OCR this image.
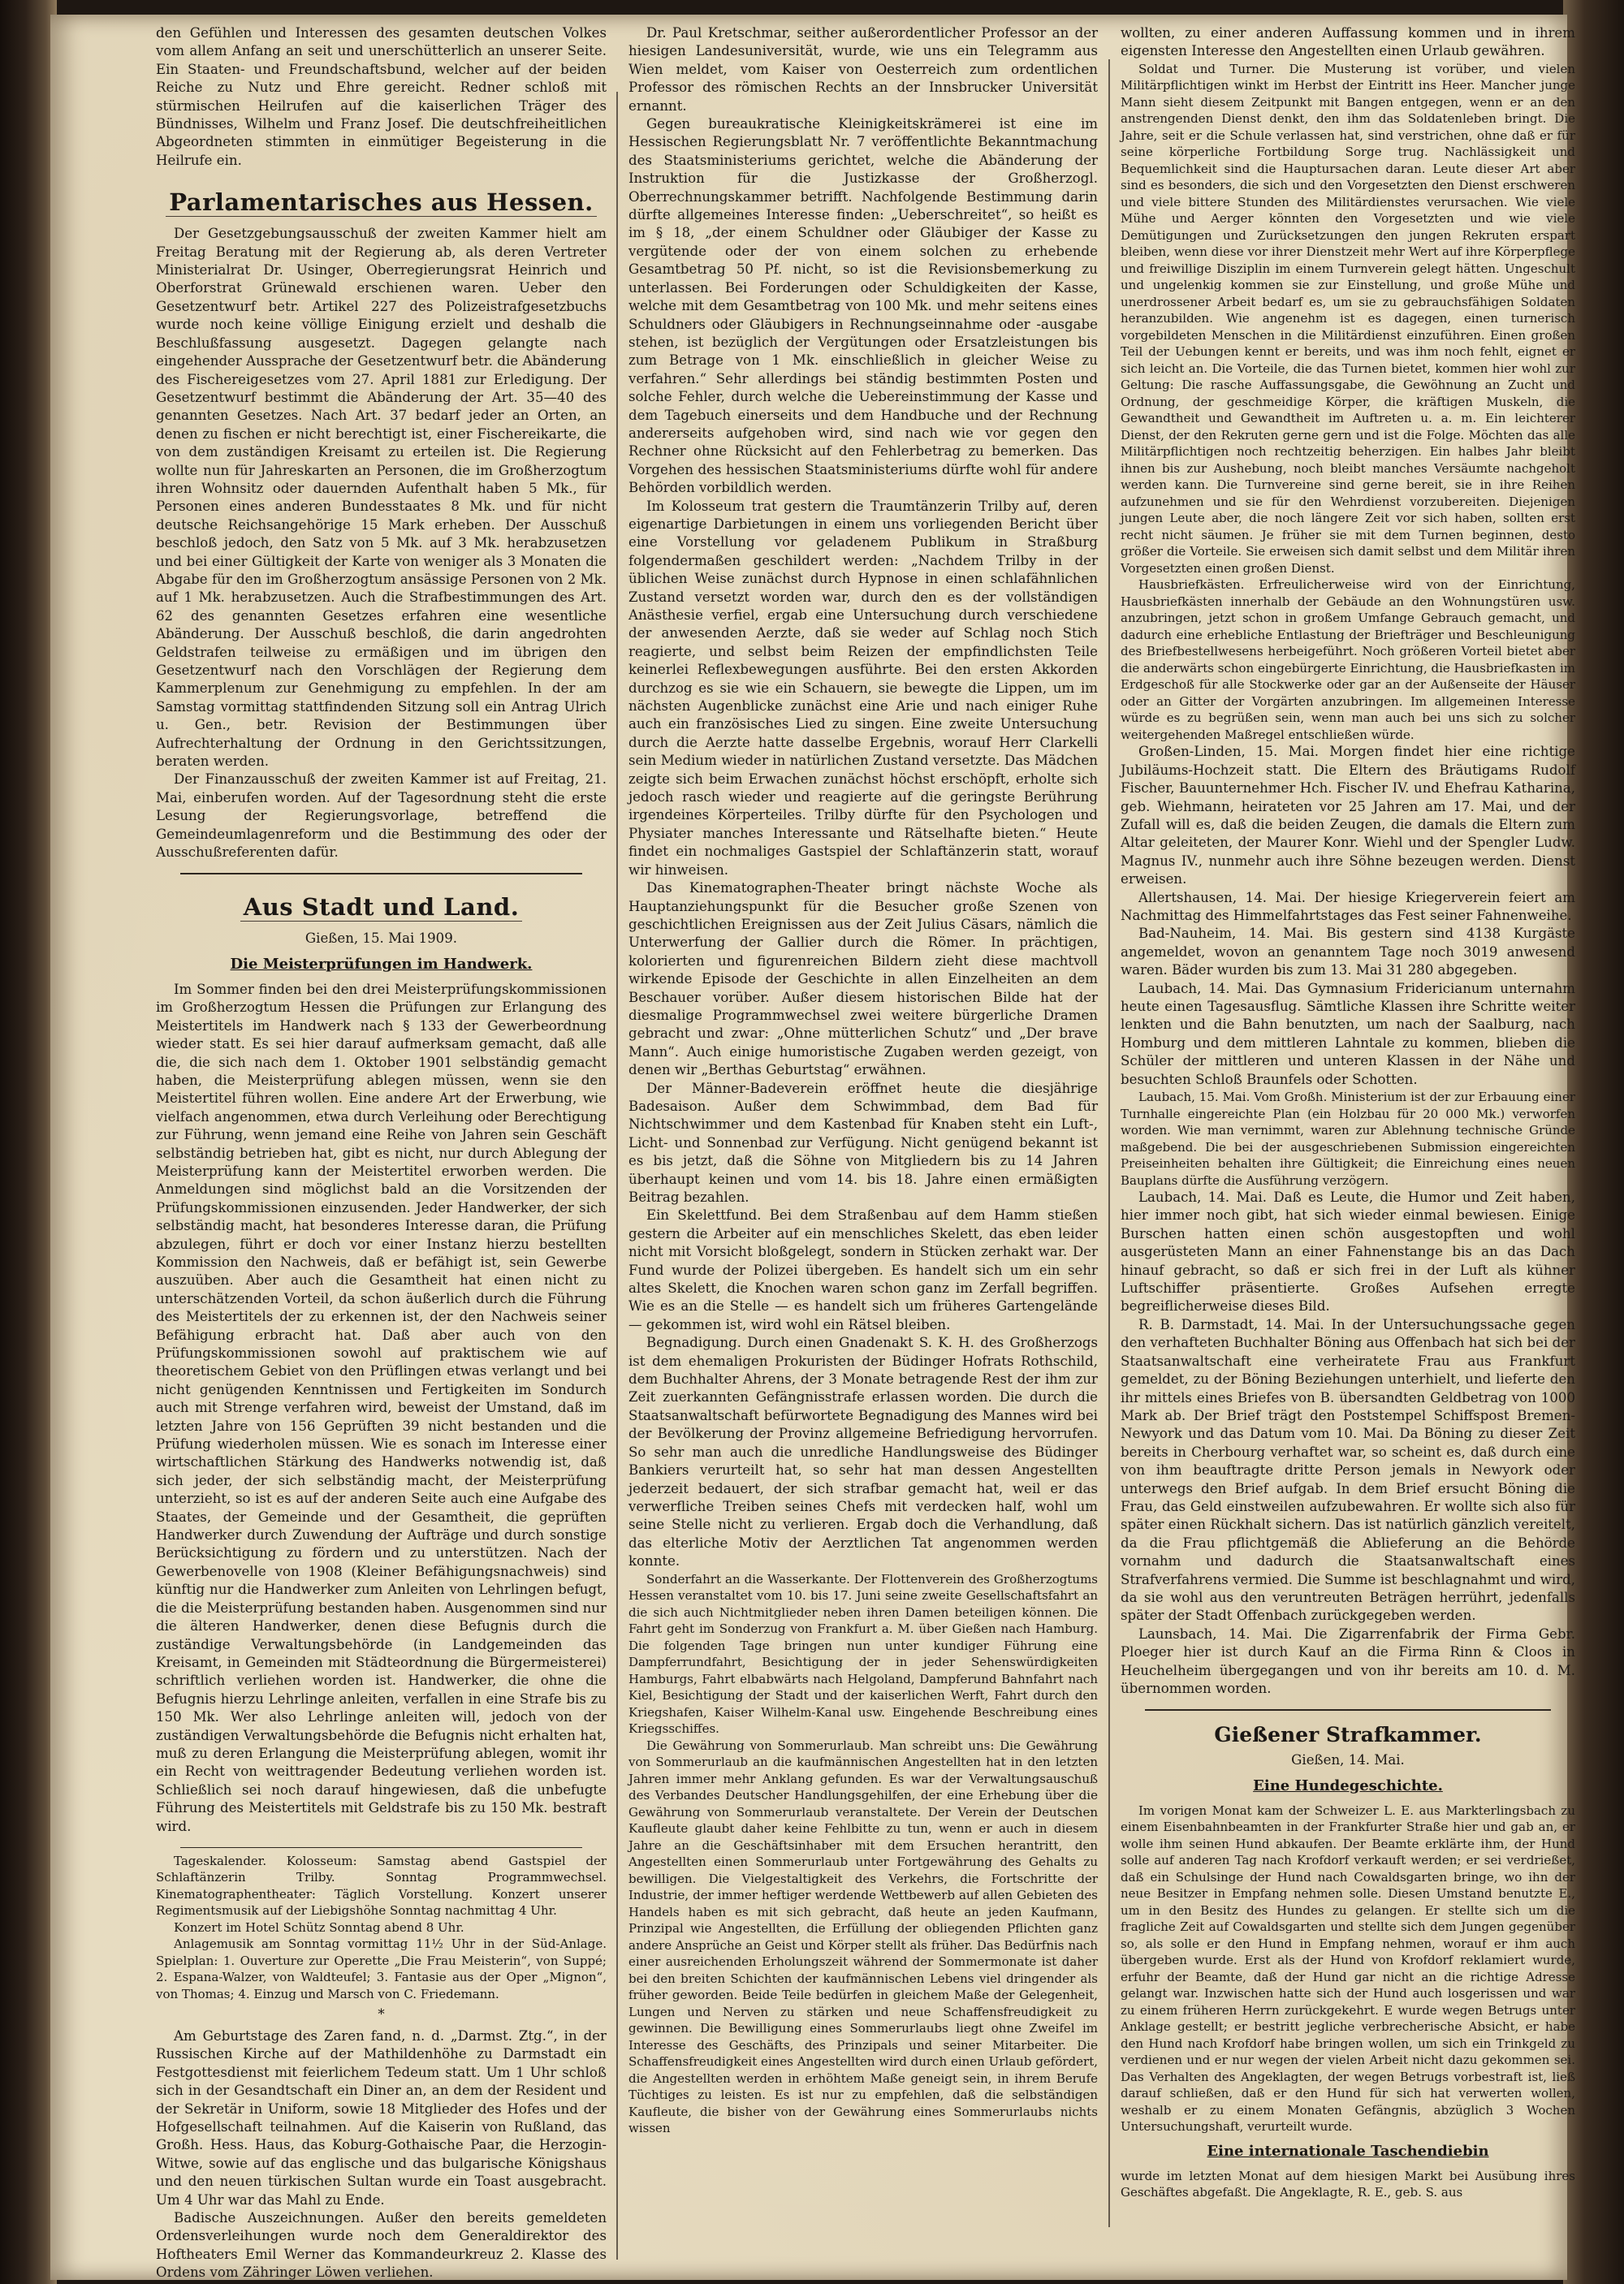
den Gefühlen und Interessen des gesamten deutschen Volkes vom allem Anfang an seit und unerschütterlich an unserer Seite. Ein Staaten- und Freundschaftsbund, welcher auf der beiden Reiche zu Nutz und Ehre gereicht. Redner schloß mit stürmischen Heilrufen auf die kaiserlichen Träger des Bündnisses, Wilhelm und Franz Josef. Die deutschfreiheitlichen Abgeordneten stimmten in einmütiger Begeisterung in die Heilrufe ein.

Parlamentarisches aus Hessen.

Der Gesetzgebungsausschuß der zweiten Kammer hielt am Freitag Beratung mit der Regierung ab, als deren Vertreter Ministerialrat Dr. Usinger, Oberregierungsrat Heinrich und Oberforstrat Grünewald erschienen waren. Ueber den Gesetzentwurf betr. Artikel 227 des Polizeistrafgesetzbuchs wurde noch keine völlige Einigung erzielt und deshalb die Beschlußfassung ausgesetzt. Dagegen gelangte nach eingehender Aussprache der Gesetzentwurf betr. die Abänderung des Fischereigesetzes vom 27. April 1881 zur Erledigung. Der Gesetzentwurf bestimmt die Abänderung der Art. 35—40 des genannten Gesetzes. Nach Art. 37 bedarf jeder an Orten, an denen zu fischen er nicht berechtigt ist, einer Fischereikarte, die von dem zuständigen Kreisamt zu erteilen ist. Die Regierung wollte nun für Jahreskarten an Personen, die im Großherzogtum ihren Wohnsitz oder dauernden Aufenthalt haben 5 Mk., für Personen eines anderen Bundesstaates 8 Mk. und für nicht deutsche Reichsangehörige 15 Mark erheben. Der Ausschuß beschloß jedoch, den Satz von 5 Mk. auf 3 Mk. herabzusetzen und bei einer Gültigkeit der Karte von weniger als 3 Monaten die Abgabe für den im Großherzogtum ansässige Personen von 2 Mk. auf 1 Mk. herabzusetzen. Auch die Strafbestimmungen des Art. 62 des genannten Gesetzes erfahren eine wesentliche Abänderung. Der Ausschuß beschloß, die darin angedrohten Geldstrafen teilweise zu ermäßigen und im übrigen den Gesetzentwurf nach den Vorschlägen der Regierung dem Kammerplenum zur Genehmigung zu empfehlen. In der am Samstag vormittag stattfindenden Sitzung soll ein Antrag Ulrich u. Gen., betr. Revision der Bestimmungen über Aufrechterhaltung der Ordnung in den Gerichtssitzungen, beraten werden.

Der Finanzausschuß der zweiten Kammer ist auf Freitag, 21. Mai, einberufen worden. Auf der Tagesordnung steht die erste Lesung der Regierungsvorlage, betreffend die Gemeindeumlagenreform und die Bestimmung des oder der Ausschußreferenten dafür.

Aus Stadt und Land.
Gießen, 15. Mai 1909.
Die Meisterprüfungen im Handwerk.

Im Sommer finden bei den drei Meisterprüfungskommissionen im Großherzogtum Hessen die Prüfungen zur Erlangung des Meistertitels im Handwerk nach § 133 der Gewerbeordnung wieder statt. Es sei hier darauf aufmerksam gemacht, daß alle die, die sich nach dem 1. Oktober 1901 selbständig gemacht haben, die Meisterprüfung ablegen müssen, wenn sie den Meistertitel führen wollen. Eine andere Art der Erwerbung, wie vielfach angenommen, etwa durch Verleihung oder Berechtigung zur Führung, wenn jemand eine Reihe von Jahren sein Geschäft selbständig betrieben hat, gibt es nicht, nur durch Ablegung der Meisterprüfung kann der Meistertitel erworben werden. Die Anmeldungen sind möglichst bald an die Vorsitzenden der Prüfungskommissionen einzusenden. Jeder Handwerker, der sich selbständig macht, hat besonderes Interesse daran, die Prüfung abzulegen, führt er doch vor einer Instanz hierzu bestellten Kommission den Nachweis, daß er befähigt ist, sein Gewerbe auszuüben. Aber auch die Gesamtheit hat einen nicht zu unterschätzenden Vorteil, da schon äußerlich durch die Führung des Meistertitels der zu erkennen ist, der den Nachweis seiner Befähigung erbracht hat. Daß aber auch von den Prüfungskommissionen sowohl auf praktischem wie auf theoretischem Gebiet von den Prüflingen etwas verlangt und bei nicht genügenden Kenntnissen und Fertigkeiten im Sondurch auch mit Strenge verfahren wird, beweist der Umstand, daß im letzten Jahre von 156 Geprüften 39 nicht bestanden und die Prüfung wiederholen müssen. Wie es sonach im Interesse einer wirtschaftlichen Stärkung des Handwerks notwendig ist, daß sich jeder, der sich selbständig macht, der Meisterprüfung unterzieht, so ist es auf der anderen Seite auch eine Aufgabe des Staates, der Gemeinde und der Gesamtheit, die geprüften Handwerker durch Zuwendung der Aufträge und durch sonstige Berücksichtigung zu fördern und zu unterstützen. Nach der Gewerbenovelle von 1908 (Kleiner Befähigungsnachweis) sind künftig nur die Handwerker zum Anleiten von Lehrlingen befugt, die die Meisterprüfung bestanden haben. Ausgenommen sind nur die älteren Handwerker, denen diese Befugnis durch die zuständige Verwaltungsbehörde (in Landgemeinden das Kreisamt, in Gemeinden mit Städteordnung die Bürgermeisterei) schriftlich verliehen worden ist. Handwerker, die ohne die Befugnis hierzu Lehrlinge anleiten, verfallen in eine Strafe bis zu 150 Mk. Wer also Lehrlinge anleiten will, jedoch von der zuständigen Verwaltungsbehörde die Befugnis nicht erhalten hat, muß zu deren Erlangung die Meisterprüfung ablegen, womit ihr ein Recht von weittragender Bedeutung verliehen worden ist. Schließlich sei noch darauf hingewiesen, daß die unbefugte Führung des Meistertitels mit Geldstrafe bis zu 150 Mk. bestraft wird.

Tageskalender. Kolosseum: Samstag abend Gastspiel der Schlaftänzerin Trilby. Sonntag Programmwechsel. Kinematographentheater: Täglich Vorstellung. Konzert unserer Regimentsmusik auf der Liebigshöhe Sonntag nachmittag 4 Uhr.

Konzert im Hotel Schütz Sonntag abend 8 Uhr.

Anlagemusik am Sonntag vormittag 11½ Uhr in der Süd-Anlage. Spielplan: 1. Ouverture zur Operette „Die Frau Meisterin“, von Suppé; 2. Espana-Walzer, von Waldteufel; 3. Fantasie aus der Oper „Mignon“, von Thomas; 4. Einzug und Marsch von C. Friedemann.

*

Am Geburtstage des Zaren fand, n. d. „Darmst. Ztg.“, in der Russischen Kirche auf der Mathildenhöhe zu Darmstadt ein Festgottesdienst mit feierlichem Tedeum statt. Um 1 Uhr schloß sich in der Gesandtschaft ein Diner an, an dem der Resident und der Sekretär in Uniform, sowie 18 Mitglieder des Hofes und der Hofgesellschaft teilnahmen. Auf die Kaiserin von Rußland, das Großh. Hess. Haus, das Koburg-Gothaische Paar, die Herzogin-Witwe, sowie auf das englische und das bulgarische Königshaus und den neuen türkischen Sultan wurde ein Toast ausgebracht. Um 4 Uhr war das Mahl zu Ende.

Badische Auszeichnungen. Außer den bereits gemeldeten Ordensverleihungen wurde noch dem Generaldirektor des Hoftheaters Emil Werner das Kommandeurkreuz 2. Klasse des Ordens vom Zähringer Löwen verliehen.

Dr. Paul Kretschmar, seither außerordentlicher Professor an der hiesigen Landesuniversität, wurde, wie uns ein Telegramm aus Wien meldet, vom Kaiser von Oesterreich zum ordentlichen Professor des römischen Rechts an der Innsbrucker Universität ernannt.

Gegen bureaukratische Kleinigkeitskrämerei ist eine im Hessischen Regierungsblatt Nr. 7 veröffentlichte Bekanntmachung des Staatsministeriums gerichtet, welche die Abänderung der Instruktion für die Justizkasse der Großherzogl. Oberrechnungskammer betrifft. Nachfolgende Bestimmung darin dürfte allgemeines Interesse finden: „Ueberschreitet“, so heißt es im § 18, „der einem Schuldner oder Gläubiger der Kasse zu vergütende oder der von einem solchen zu erhebende Gesamtbetrag 50 Pf. nicht, so ist die Revisionsbemerkung zu unterlassen. Bei Forderungen oder Schuldigkeiten der Kasse, welche mit dem Gesamtbetrag von 100 Mk. und mehr seitens eines Schuldners oder Gläubigers in Rechnungseinnahme oder -ausgabe stehen, ist bezüglich der Vergütungen oder Ersatzleistungen bis zum Betrage von 1 Mk. einschließlich in gleicher Weise zu verfahren.“ Sehr allerdings bei ständig bestimmten Posten und solche Fehler, durch welche die Uebereinstimmung der Kasse und dem Tagebuch einerseits und dem Handbuche und der Rechnung andererseits aufgehoben wird, sind nach wie vor gegen den Rechner ohne Rücksicht auf den Fehlerbetrag zu bemerken. Das Vorgehen des hessischen Staatsministeriums dürfte wohl für andere Behörden vorbildlich werden.

Im Kolosseum trat gestern die Traumtänzerin Trilby auf, deren eigenartige Darbietungen in einem uns vorliegenden Bericht über eine Vorstellung vor geladenem Publikum in Straßburg folgendermaßen geschildert werden: „Nachdem Trilby in der üblichen Weise zunächst durch Hypnose in einen schlafähnlichen Zustand versetzt worden war, durch den es der vollständigen Anästhesie verfiel, ergab eine Untersuchung durch verschiedene der anwesenden Aerzte, daß sie weder auf Schlag noch Stich reagierte, und selbst beim Reizen der empfindlichsten Teile keinerlei Reflexbewegungen ausführte. Bei den ersten Akkorden durchzog es sie wie ein Schauern, sie bewegte die Lippen, um im nächsten Augenblicke zunächst eine Arie und nach einiger Ruhe auch ein französisches Lied zu singen. Eine zweite Untersuchung durch die Aerzte hatte dasselbe Ergebnis, worauf Herr Clarkelli sein Medium wieder in natürlichen Zustand versetzte. Das Mädchen zeigte sich beim Erwachen zunächst höchst erschöpft, erholte sich jedoch rasch wieder und reagierte auf die geringste Berührung irgendeines Körperteiles. Trilby dürfte für den Psychologen und Physiater manches Interessante und Rätselhafte bieten.“ Heute findet ein nochmaliges Gastspiel der Schlaftänzerin statt, worauf wir hinweisen.

Das Kinematographen-Theater bringt nächste Woche als Hauptanziehungspunkt für die Besucher große Szenen von geschichtlichen Ereignissen aus der Zeit Julius Cäsars, nämlich die Unterwerfung der Gallier durch die Römer. In prächtigen, kolorierten und figurenreichen Bildern zieht diese machtvoll wirkende Episode der Geschichte in allen Einzelheiten an dem Beschauer vorüber. Außer diesem historischen Bilde hat der diesmalige Programmwechsel zwei weitere bürgerliche Dramen gebracht und zwar: „Ohne mütterlichen Schutz“ und „Der brave Mann“. Auch einige humoristische Zugaben werden gezeigt, von denen wir „Berthas Geburtstag“ erwähnen.

Der Männer-Badeverein eröffnet heute die diesjährige Badesaison. Außer dem Schwimmbad, dem Bad für Nichtschwimmer und dem Kastenbad für Knaben steht ein Luft-, Licht- und Sonnenbad zur Verfügung. Nicht genügend bekannt ist es bis jetzt, daß die Söhne von Mitgliedern bis zu 14 Jahren überhaupt keinen und vom 14. bis 18. Jahre einen ermäßigten Beitrag bezahlen.

Ein Skelettfund. Bei dem Straßenbau auf dem Hamm stießen gestern die Arbeiter auf ein menschliches Skelett, das eben leider nicht mit Vorsicht bloßgelegt, sondern in Stücken zerhakt war. Der Fund wurde der Polizei übergeben. Es handelt sich um ein sehr altes Skelett, die Knochen waren schon ganz im Zerfall begriffen. Wie es an die Stelle — es handelt sich um früheres Gartengelände — gekommen ist, wird wohl ein Rätsel bleiben.

Begnadigung. Durch einen Gnadenakt S. K. H. des Großherzogs ist dem ehemaligen Prokuristen der Büdinger Hofrats Rothschild, dem Buchhalter Ahrens, der 3 Monate betragende Rest der ihm zur Zeit zuerkannten Gefängnisstrafe erlassen worden. Die durch die Staatsanwaltschaft befürwortete Begnadigung des Mannes wird bei der Bevölkerung der Provinz allgemeine Befriedigung hervorrufen. So sehr man auch die unredliche Handlungsweise des Büdinger Bankiers verurteilt hat, so sehr hat man dessen Angestellten jederzeit bedauert, der sich strafbar gemacht hat, weil er das verwerfliche Treiben seines Chefs mit verdecken half, wohl um seine Stelle nicht zu verlieren. Ergab doch die Verhandlung, daß das elterliche Motiv der Aerztlichen Tat angenommen werden konnte.

Sonderfahrt an die Wasserkante. Der Flottenverein des Großherzogtums Hessen veranstaltet vom 10. bis 17. Juni seine zweite Gesellschaftsfahrt an die sich auch Nichtmitglieder neben ihren Damen beteiligen können. Die Fahrt geht im Sonderzug von Frankfurt a. M. über Gießen nach Hamburg. Die folgenden Tage bringen nun unter kundiger Führung eine Dampferrundfahrt, Besichtigung der in jeder Sehenswürdigkeiten Hamburgs, Fahrt elbabwärts nach Helgoland, Dampferund Bahnfahrt nach Kiel, Besichtigung der Stadt und der kaiserlichen Werft, Fahrt durch den Kriegshafen, Kaiser Wilhelm-Kanal usw. Eingehende Beschreibung eines Kriegsschiffes.

Die Gewährung von Sommerurlaub. Man schreibt uns: Die Gewährung von Sommerurlaub an die kaufmännischen Angestellten hat in den letzten Jahren immer mehr Anklang gefunden. Es war der Verwaltungsauschuß des Verbandes Deutscher Handlungsgehilfen, der eine Erhebung über die Gewährung von Sommerurlaub veranstaltete. Der Verein der Deutschen Kaufleute glaubt daher keine Fehlbitte zu tun, wenn er auch in diesem Jahre an die Geschäftsinhaber mit dem Ersuchen herantritt, den Angestellten einen Sommerurlaub unter Fortgewährung des Gehalts zu bewilligen. Die Vielgestaltigkeit des Verkehrs, die Fortschritte der Industrie, der immer heftiger werdende Wettbewerb auf allen Gebieten des Handels haben es mit sich gebracht, daß heute an jeden Kaufmann, Prinzipal wie Angestellten, die Erfüllung der obliegenden Pflichten ganz andere Ansprüche an Geist und Körper stellt als früher. Das Bedürfnis nach einer ausreichenden Erholungszeit während der Sommermonate ist daher bei den breiten Schichten der kaufmännischen Lebens viel dringender als früher geworden. Beide Teile bedürfen in gleichem Maße der Gelegenheit, Lungen und Nerven zu stärken und neue Schaffensfreudigkeit zu gewinnen. Die Bewilligung eines Sommerurlaubs liegt ohne Zweifel im Interesse des Geschäfts, des Prinzipals und seiner Mitarbeiter. Die Schaffensfreudigkeit eines Angestellten wird durch einen Urlaub gefördert, die Angestellten werden in erhöhtem Maße geneigt sein, in ihrem Berufe Tüchtiges zu leisten. Es ist nur zu empfehlen, daß die selbständigen Kaufleute, die bisher von der Gewährung eines Sommerurlaubs nichts wissen

wollten, zu einer anderen Auffassung kommen und in ihrem eigensten Interesse den Angestellten einen Urlaub gewähren.

Soldat und Turner. Die Musterung ist vorüber, und vielen Militärpflichtigen winkt im Herbst der Eintritt ins Heer. Mancher junge Mann sieht diesem Zeitpunkt mit Bangen entgegen, wenn er an den anstrengenden Dienst denkt, den ihm das Soldatenleben bringt. Die Jahre, seit er die Schule verlassen hat, sind verstrichen, ohne daß er für seine körperliche Fortbildung Sorge trug. Nachlässigkeit und Bequemlichkeit sind die Hauptursachen daran. Leute dieser Art aber sind es besonders, die sich und den Vorgesetzten den Dienst erschweren und viele bittere Stunden des Militärdienstes verursachen. Wie viele Mühe und Aerger könnten den Vorgesetzten und wie viele Demütigungen und Zurücksetzungen den jungen Rekruten erspart bleiben, wenn diese vor ihrer Dienstzeit mehr Wert auf ihre Körperpflege und freiwillige Disziplin im einem Turnverein gelegt hätten. Ungeschult und ungelenkig kommen sie zur Einstellung, und große Mühe und unerdrossener Arbeit bedarf es, um sie zu gebrauchsfähigen Soldaten heranzubilden. Wie angenehm ist es dagegen, einen turnerisch vorgebildeten Menschen in die Militärdienst einzuführen. Einen großen Teil der Uebungen kennt er bereits, und was ihm noch fehlt, eignet er sich leicht an. Die Vorteile, die das Turnen bietet, kommen hier wohl zur Geltung: Die rasche Auffassungsgabe, die Gewöhnung an Zucht und Ordnung, der geschmeidige Körper, die kräftigen Muskeln, die Gewandtheit und Gewandtheit im Auftreten u. a. m. Ein leichterer Dienst, der den Rekruten gerne gern und ist die Folge. Möchten das alle Militärpflichtigen noch rechtzeitig beherzigen. Ein halbes Jahr bleibt ihnen bis zur Aushebung, noch bleibt manches Versäumte nachgeholt werden kann. Die Turnvereine sind gerne bereit, sie in ihre Reihen aufzunehmen und sie für den Wehrdienst vorzubereiten. Diejenigen jungen Leute aber, die noch längere Zeit vor sich haben, sollten erst recht nicht säumen. Je früher sie mit dem Turnen beginnen, desto größer die Vorteile. Sie erweisen sich damit selbst und dem Militär ihren Vorgesetzten einen großen Dienst.

Hausbriefkästen. Erfreulicherweise wird von der Einrichtung, Hausbriefkästen innerhalb der Gebäude an den Wohnungstüren usw. anzubringen, jetzt schon in großem Umfange Gebrauch gemacht, und dadurch eine erhebliche Entlastung der Briefträger und Beschleunigung des Briefbestellwesens herbeigeführt. Noch größeren Vorteil bietet aber die anderwärts schon eingebürgerte Einrichtung, die Hausbriefkasten im Erdgeschoß für alle Stockwerke oder gar an der Außenseite der Häuser oder an Gitter der Vorgärten anzubringen. Im allgemeinen Interesse würde es zu begrüßen sein, wenn man auch bei uns sich zu solcher weitergehenden Maßregel entschließen würde.

Großen-Linden, 15. Mai. Morgen findet hier eine richtige Jubiläums-Hochzeit statt. Die Eltern des Bräutigams Rudolf Fischer, Bauunternehmer Hch. Fischer IV. und Ehefrau Katharina, geb. Wiehmann, heirateten vor 25 Jahren am 17. Mai, und der Zufall will es, daß die beiden Zeugen, die damals die Eltern zum Altar geleiteten, der Maurer Konr. Wiehl und der Spengler Ludw. Magnus IV., nunmehr auch ihre Söhne bezeugen werden. Dienst erweisen.

Allertshausen, 14. Mai. Der hiesige Kriegerverein feiert am Nachmittag des Himmelfahrtstages das Fest seiner Fahnenweihe.

Bad-Nauheim, 14. Mai. Bis gestern sind 4138 Kurgäste angemeldet, wovon an genanntem Tage noch 3019 anwesend waren. Bäder wurden bis zum 13. Mai 31 280 abgegeben.

Laubach, 14. Mai. Das Gymnasium Fridericianum unternahm heute einen Tagesausflug. Sämtliche Klassen ihre Schritte weiter lenkten und die Bahn benutzten, um nach der Saalburg, nach Homburg und dem mittleren Lahntale zu kommen, blieben die Schüler der mittleren und unteren Klassen in der Nähe und besuchten Schloß Braunfels oder Schotten.

Laubach, 15. Mai. Vom Großh. Ministerium ist der zur Erbauung einer Turnhalle eingereichte Plan (ein Holzbau für 20 000 Mk.) verworfen worden. Wie man vernimmt, waren zur Ablehnung technische Gründe maßgebend. Die bei der ausgeschriebenen Submission eingereichten Preiseinheiten behalten ihre Gültigkeit; die Einreichung eines neuen Bauplans dürfte die Ausführung verzögern.

Laubach, 14. Mai. Daß es Leute, die Humor und Zeit haben, hier immer noch gibt, hat sich wieder einmal bewiesen. Einige Burschen hatten einen schön ausgestopften und wohl ausgerüsteten Mann an einer Fahnenstange bis an das Dach hinauf gebracht, so daß er sich frei in der Luft als kühner Luftschiffer präsentierte. Großes Aufsehen erregte begreiflicherweise dieses Bild.

R. B. Darmstadt, 14. Mai. In der Untersuchungssache gegen den verhafteten Buchhalter Böning aus Offenbach hat sich bei der Staatsanwaltschaft eine verheiratete Frau aus Frankfurt gemeldet, zu der Böning Beziehungen unterhielt, und lieferte den ihr mittels eines Briefes von B. übersandten Geldbetrag von 1000 Mark ab. Der Brief trägt den Poststempel Schiffspost Bremen-Newyork und das Datum vom 10. Mai. Da Böning zu dieser Zeit bereits in Cherbourg verhaftet war, so scheint es, daß durch eine von ihm beauftragte dritte Person jemals in Newyork oder unterwegs den Brief aufgab. In dem Brief ersucht Böning die Frau, das Geld einstweilen aufzubewahren. Er wollte sich also für später einen Rückhalt sichern. Das ist natürlich gänzlich vereitelt, da die Frau pflichtgemäß die Ablieferung an die Behörde vornahm und dadurch die Staatsanwaltschaft eines Strafverfahrens vermied. Die Summe ist beschlagnahmt und wird, da sie wohl aus den veruntreuten Beträgen herrührt, jedenfalls später der Stadt Offenbach zurückgegeben werden.

Launsbach, 14. Mai. Die Zigarrenfabrik der Firma Gebr. Ploeger hier ist durch Kauf an die Firma Rinn & Cloos in Heuchelheim übergegangen und von ihr bereits am 10. d. M. übernommen worden.

Gießener Strafkammer.
Gießen, 14. Mai.
Eine Hundegeschichte.

Im vorigen Monat kam der Schweizer L. E. aus Markterlingsbach zu einem Eisenbahnbeamten in der Frankfurter Straße hier und gab an, er wolle ihm seinen Hund abkaufen. Der Beamte erklärte ihm, der Hund solle auf anderen Tag nach Krofdorf verkauft werden; er sei verdrießet, daß ein Schulsinge der Hund nach Cowaldsgarten bringe, wo ihn der neue Besitzer in Empfang nehmen solle. Diesen Umstand benutzte E., um in den Besitz des Hundes zu gelangen. Er stellte sich um die fragliche Zeit auf Cowaldsgarten und stellte sich dem Jungen gegenüber so, als solle er den Hund in Empfang nehmen, worauf er ihm auch übergeben wurde. Erst als der Hund von Krofdorf reklamiert wurde, erfuhr der Beamte, daß der Hund gar nicht an die richtige Adresse gelangt war. Inzwischen hatte sich der Hund auch losgerissen und war zu einem früheren Herrn zurückgekehrt. E wurde wegen Betrugs unter Anklage gestellt; er bestritt jegliche verbrecherische Absicht, er habe den Hund nach Krofdorf habe bringen wollen, um sich ein Trinkgeld zu verdienen und er nur wegen der vielen Arbeit nicht dazu gekommen sei. Das Verhalten des Angeklagten, der wegen Betrugs vorbestraft ist, ließ darauf schließen, daß er den Hund für sich hat verwerten wollen, weshalb er zu einem Monaten Gefängnis, abzüglich 3 Wochen Untersuchungshaft, verurteilt wurde.

Eine internationale Taschendiebin

wurde im letzten Monat auf dem hiesigen Markt bei Ausübung ihres Geschäftes abgefaßt. Die Angeklagte, R. E., geb. S. aus
